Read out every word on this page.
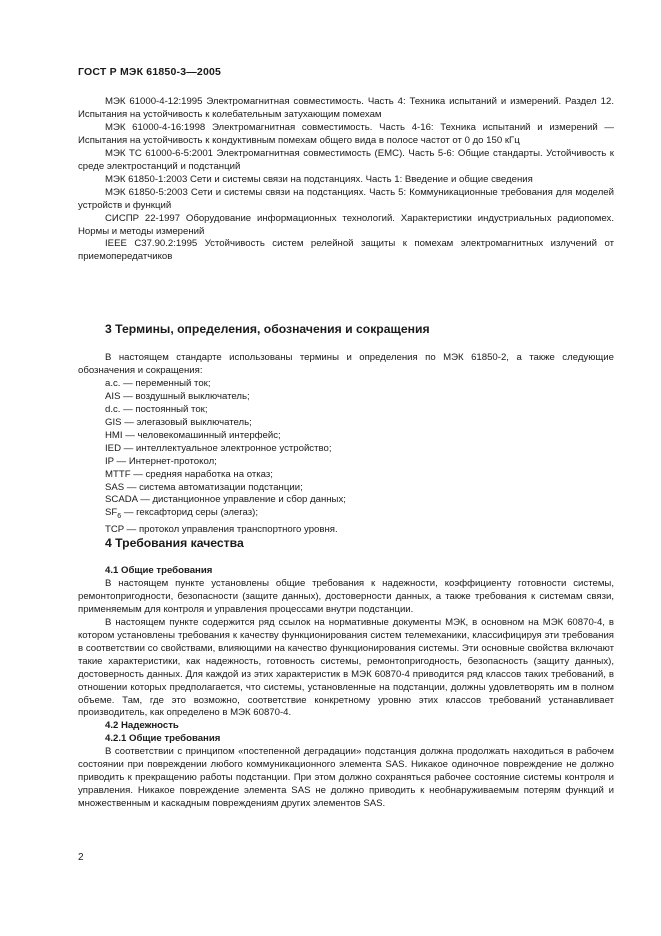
ГОСТ Р МЭК 61850-3—2005

МЭК 61000-4-12:1995 Электромагнитная совместимость. Часть 4: Техника испытаний и измерений. Раздел 12. Испытания на устойчивость к колебательным затухающим помехам

МЭК 61000-4-16:1998 Электромагнитная совместимость. Часть 4-16: Техника испытаний и измерений — Испытания на устойчивость к кондуктивным помехам общего вида в полосе частот от 0 до 150 кГц

МЭК ТС 61000-6-5:2001 Электромагнитная совместимость (ЕМС). Часть 5-6: Общие стандарты. Устойчивость к среде электростанций и подстанций

МЭК 61850-1:2003 Сети и системы связи на подстанциях. Часть 1: Введение и общие сведения

МЭК 61850-5:2003 Сети и системы связи на подстанциях. Часть 5: Коммуникационные требования для моделей устройств и функций

СИСПР 22-1997 Оборудование информационных технологий. Характеристики индустриальных радиопомех. Нормы и методы измерений

IEEE C37.90.2:1995 Устойчивость систем релейной защиты к помехам электромагнитных излучений от приемопередатчиков

3 Термины, определения, обозначения и сокращения

В настоящем стандарте использованы термины и определения по МЭК 61850-2, а также следующие обозначения и сокращения:

a.c. — переменный ток;
AIS — воздушный выключатель;
d.c. — постоянный ток;
GIS — элегазовый выключатель;
HMI — человекомашинный интерфейс;
IED — интеллектуальное электронное устройство;
IP — Интернет-протокол;
MTTF — средняя наработка на отказ;
SAS — система автоматизации подстанции;
SCADA — дистанционное управление и сбор данных;
$SF_6$ — гексафторид серы (элегаз);
TCP — протокол управления транспортного уровня.

4 Требования качества

4.1 Общие требования

В настоящем пункте установлены общие требования к надежности, коэффициенту готовности системы, ремонтопригодности, безопасности (защите данных), достоверности данных, а также требования к системам связи, применяемым для контроля и управления процессами внутри подстанции.

В настоящем пункте содержится ряд ссылок на нормативные документы МЭК, в основном на МЭК 60870-4, в котором установлены требования к качеству функционирования систем телемеханики, классифицируя эти требования в соответствии со свойствами, влияющими на качество функционирования системы. Эти основные свойства включают такие характеристики, как надежность, готовность системы, ремонтопригодность, безопасность (защиту данных), достоверность данных. Для каждой из этих характеристик в МЭК 60870-4 приводится ряд классов таких требований, в отношении которых предполагается, что системы, установленные на подстанции, должны удовлетворять им в полном объеме. Там, где это возможно, соответствие конкретному уровню этих классов требований устанавливает производитель, как определено в МЭК 60870-4.

4.2 Надежность

4.2.1 Общие требования

В соответствии с принципом «постепенной деградации» подстанция должна продолжать находиться в рабочем состоянии при повреждении любого коммуникационного элемента SAS. Никакое одиночное повреждение не должно приводить к прекращению работы подстанции. При этом должно сохраняться рабочее состояние системы контроля и управления. Никакое повреждение элемента SAS не должно приводить к необнаруживаемым потерям функций и множественным и каскадным повреждениям других элементов SAS.

2
